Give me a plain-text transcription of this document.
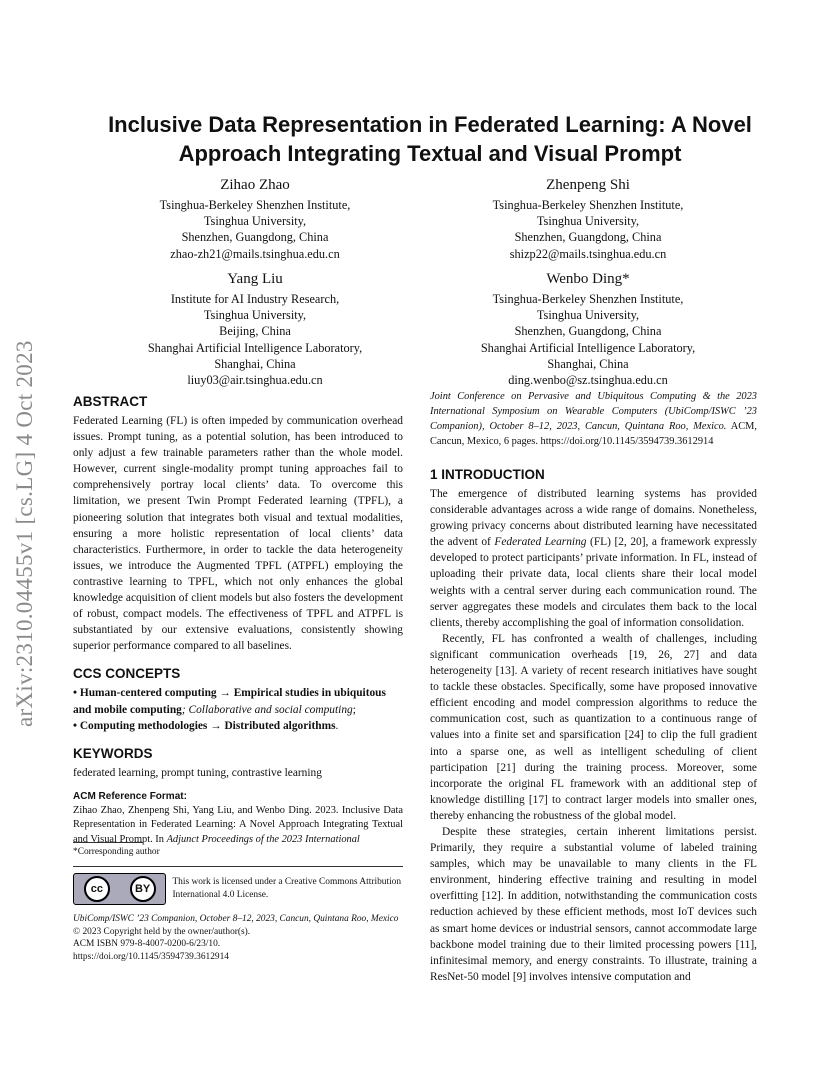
arXiv:2310.04455v1 [cs.LG] 4 Oct 2023
Inclusive Data Representation in Federated Learning: A Novel
Approach Integrating Textual and Visual Prompt
Zihao Zhao
Tsinghua-Berkeley Shenzhen Institute,
Tsinghua University,
Shenzhen, Guangdong, China
zhao-zh21@mails.tsinghua.edu.cn
Zhenpeng Shi
Tsinghua-Berkeley Shenzhen Institute,
Tsinghua University,
Shenzhen, Guangdong, China
shizp22@mails.tsinghua.edu.cn
Yang Liu
Institute for AI Industry Research,
Tsinghua University,
Beijing, China
Shanghai Artificial Intelligence Laboratory,
Shanghai, China
liuy03@air.tsinghua.edu.cn
Wenbo Ding*
Tsinghua-Berkeley Shenzhen Institute,
Tsinghua University,
Shenzhen, Guangdong, China
Shanghai Artificial Intelligence Laboratory,
Shanghai, China
ding.wenbo@sz.tsinghua.edu.cn
ABSTRACT

Federated Learning (FL) is often impeded by communication overhead issues. Prompt tuning, as a potential solution, has been introduced to only adjust a few trainable parameters rather than the whole model. However, current single-modality prompt tuning approaches fail to comprehensively portray local clients’ data. To overcome this limitation, we present Twin Prompt Federated learning (TPFL), a pioneering solution that integrates both visual and textual modalities, ensuring a more holistic representation of local clients’ data characteristics. Furthermore, in order to tackle the data heterogeneity issues, we introduce the Augmented TPFL (ATPFL) employing the contrastive learning to TPFL, which not only enhances the global knowledge acquisition of client models but also fosters the development of robust, compact models. The effectiveness of TPFL and ATPFL is substantiated by our extensive evaluations, consistently showing superior performance compared to all baselines.

CCS CONCEPTS

• Human-centered computing → Empirical studies in ubiquitous and mobile computing; Collaborative and social computing;
• Computing methodologies → Distributed algorithms.

KEYWORDS

federated learning, prompt tuning, contrastive learning

ACM Reference Format:

Zihao Zhao, Zhenpeng Shi, Yang Liu, and Wenbo Ding. 2023. Inclusive Data Representation in Federated Learning: A Novel Approach Integrating Textual and Visual Prompt. In Adjunct Proceedings of the 2023 International

*Corresponding author
cc	BY
This work is licensed under a Creative Commons Attribution International 4.0 License.
UbiComp/ISWC ’23 Companion, October 8–12, 2023, Cancun, Quintana Roo, Mexico
© 2023 Copyright held by the owner/author(s).
ACM ISBN 979-8-4007-0200-6/23/10.
https://doi.org/10.1145/3594739.3612914

Joint Conference on Pervasive and Ubiquitous Computing & the 2023 International Symposium on Wearable Computers (UbiComp/ISWC ’23 Companion), October 8–12, 2023, Cancun, Quintana Roo, Mexico. ACM, Cancun, Mexico, 6 pages. https://doi.org/10.1145/3594739.3612914

1 INTRODUCTION

The emergence of distributed learning systems has provided considerable advantages across a wide range of domains. Nonetheless, growing privacy concerns about distributed learning have necessitated the advent of Federated Learning (FL) [2, 20], a framework expressly developed to protect participants’ private information. In FL, instead of uploading their private data, local clients share their local model weights with a central server during each communication round. The server aggregates these models and circulates them back to the local clients, thereby accomplishing the goal of information consolidation.

Recently, FL has confronted a wealth of challenges, including significant communication overheads [19, 26, 27] and data heterogeneity [13]. A variety of recent research initiatives have sought to tackle these obstacles. Specifically, some have proposed innovative efficient encoding and model compression algorithms to reduce the communication cost, such as quantization to a continuous range of values into a finite set and sparsification [24] to clip the full gradient into a sparse one, as well as intelligent scheduling of client participation [21] during the training process. Moreover, some incorporate the original FL framework with an additional step of knowledge distilling [17] to contract larger models into smaller ones, thereby enhancing the robustness of the global model.

Despite these strategies, certain inherent limitations persist. Primarily, they require a substantial volume of labeled training samples, which may be unavailable to many clients in the FL environment, hindering effective training and resulting in model overfitting [12]. In addition, notwithstanding the communication costs reduction achieved by these efficient methods, most IoT devices such as smart home devices or industrial sensors, cannot accommodate large backbone model training due to their limited processing powers [11], infinitesimal memory, and energy constraints. To illustrate, training a ResNet-50 model [9] involves intensive computation and
